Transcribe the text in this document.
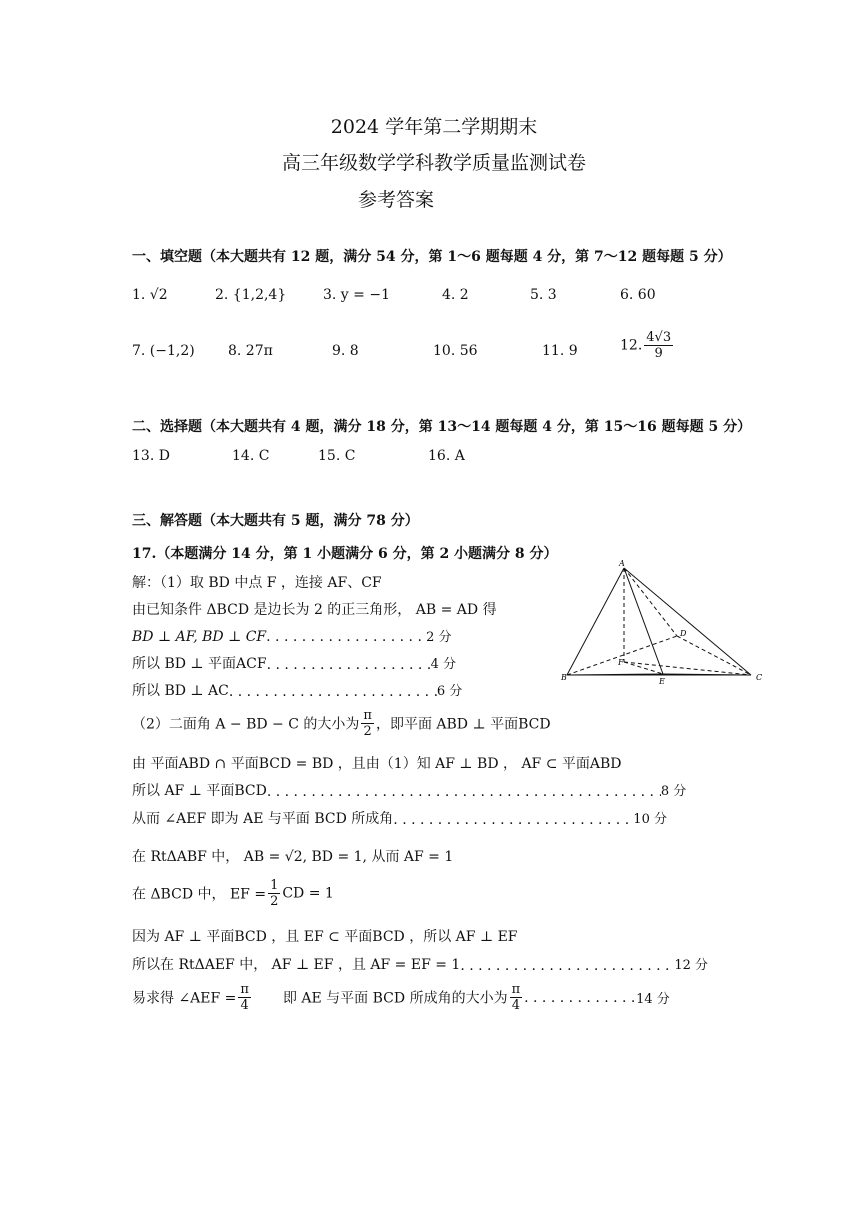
2024 学年第二学期期末
高三年级数学学科教学质量监测试卷
参考答案
一、填空题（本大题共有 12 题，满分 54 分，第 1～6 题每题 4 分，第 7～12 题每题 5 分）
1. √2	2. {1,2,4}	3. y = −1	4. 2	5. 3	6. 60
7. (−1,2) 8. 27π	9. 8	10. 56	11. 9	12. $\frac{4√3}{9}$
二、选择题（本大题共有 4 题，满分 18 分，第 13～14 题每题 4 分，第 15～16 题每题 5 分）
13. D	14. C	15. C	16. A
三、解答题（本大题共有 5 题，满分 78 分）
17.（本题满分 14 分，第 1 小题满分 6 分，第 2 小题满分 8 分）
解：（1）取 BD 中点 F ，连接 AF、CF
由已知条件 ΔBCD 是边长为 2 的正三角形， AB = AD 得
BD ⊥ AF, BD ⊥ CF . . .	2 分
所以 BD ⊥ 平面ACF . . .	4 分
所以 BD ⊥ AC . . .	6 分
（2）二面角 A − BD − C 的大小为 $\frac{\pi}{2}$ ，即平面 ABD ⊥ 平面BCD
由 平面ABD ∩ 平面BCD = BD ，且由（1）知 AF ⊥ BD ， AF ⊂ 平面ABD
所以 AF ⊥ 平面BCD . . .	8 分
从而 ∠AEF 即为 AE 与平面 BCD 所成角 . . .	10 分
在 RtΔABF 中， AB = √2, BD = 1, 从而 AF = 1
在 ΔBCD 中， EF = $\frac{1}{2}$ CD = 1
因为 AF ⊥ 平面BCD ，且 EF ⊂ 平面BCD ，所以 AF ⊥ EF
所以在 RtΔAEF 中， AF ⊥ EF ，且 AF = EF = 1 . . .	12 分
易求得 ∠AEF = $\frac{\pi}{4}$ 即 AE 与平面 BCD 所成角的大小为 $\frac{\pi}{4}$ . . .	14 分
A
B	C
D
E
F
